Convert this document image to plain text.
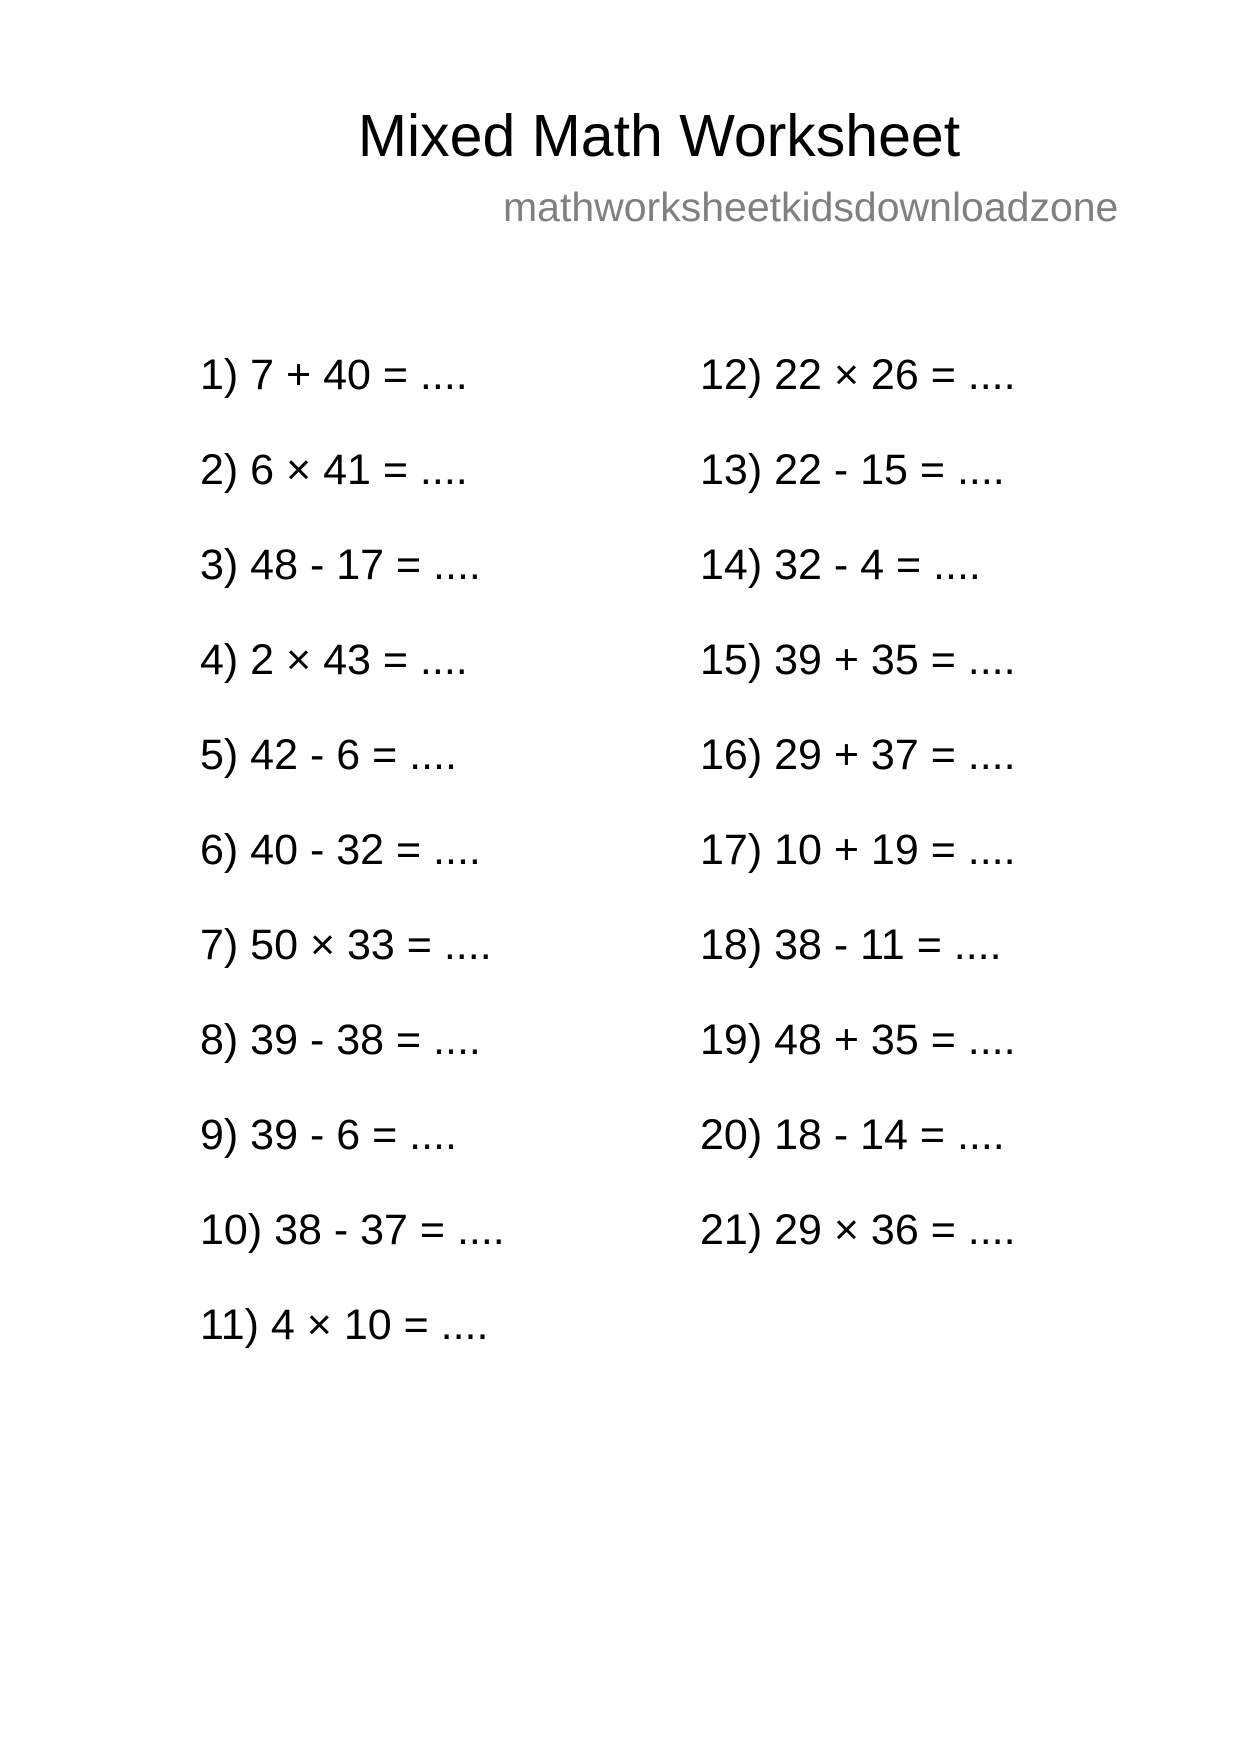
Mixed Math Worksheet
mathworksheetkidsdownloadzone
1) 7 + 40 = ....
2) 6 × 41 = ....
3) 48 - 17 = ....
4) 2 × 43 = ....
5) 42 - 6 = ....
6) 40 - 32 = ....
7) 50 × 33 = ....
8) 39 - 38 = ....
9) 39 - 6 = ....
10) 38 - 37 = ....
11) 4 × 10 = ....
12) 22 × 26 = ....
13) 22 - 15 = ....
14) 32 - 4 = ....
15) 39 + 35 = ....
16) 29 + 37 = ....
17) 10 + 19 = ....
18) 38 - 11 = ....
19) 48 + 35 = ....
20) 18 - 14 = ....
21) 29 × 36 = ....
